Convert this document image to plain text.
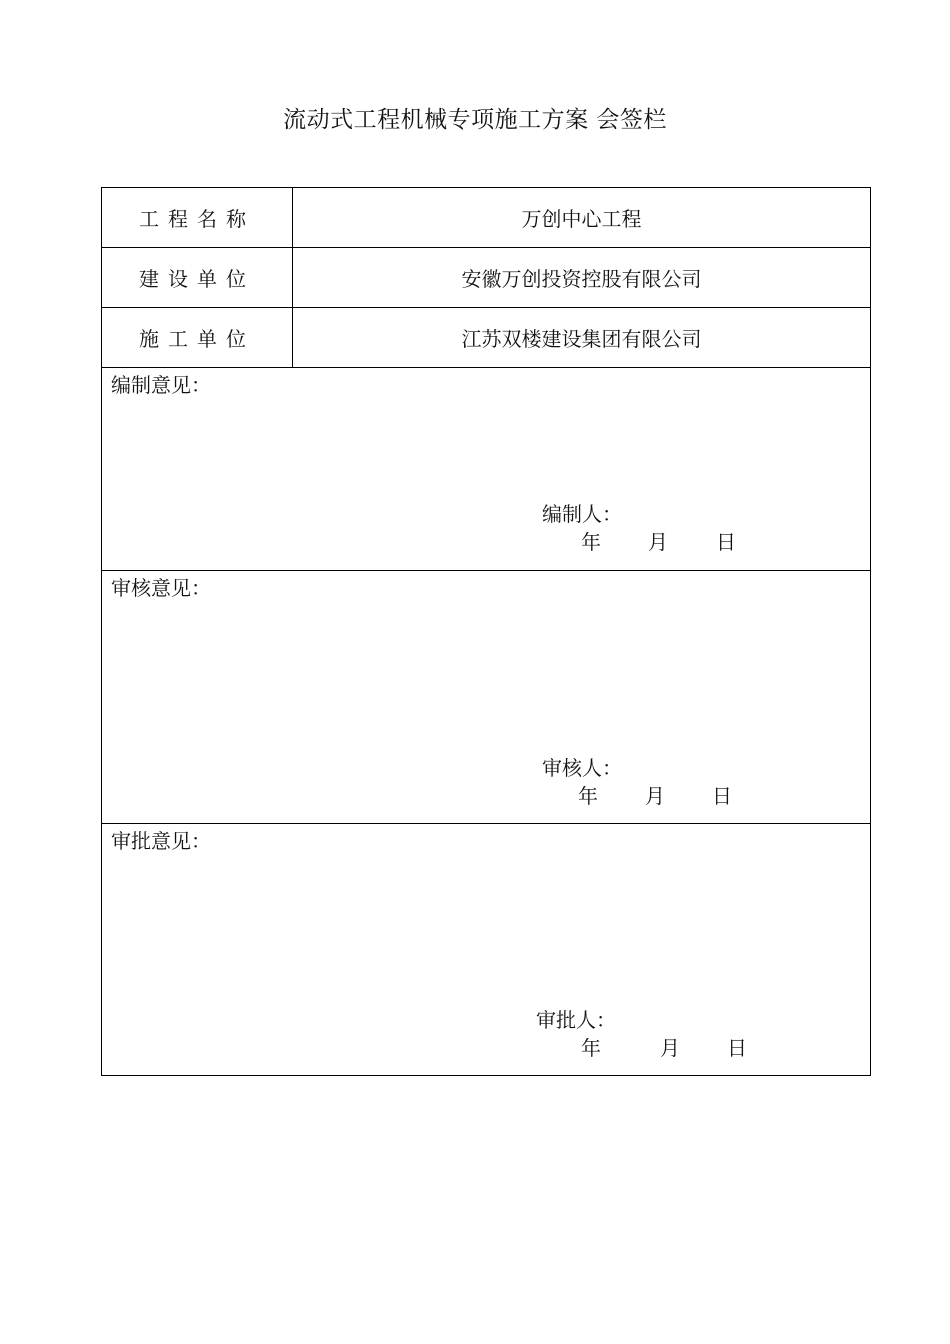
流动式工程机械专项施工方案 会签栏
工程名称	万创中心工程
建设单位	安徽万创投资控股有限公司
施工单位	江苏双楼建设集团有限公司

编制意见：
编制人：
年 月 日	

审核意见：
审核人：
年 月 日	

审批意见：
审批人：
年 月 日	
